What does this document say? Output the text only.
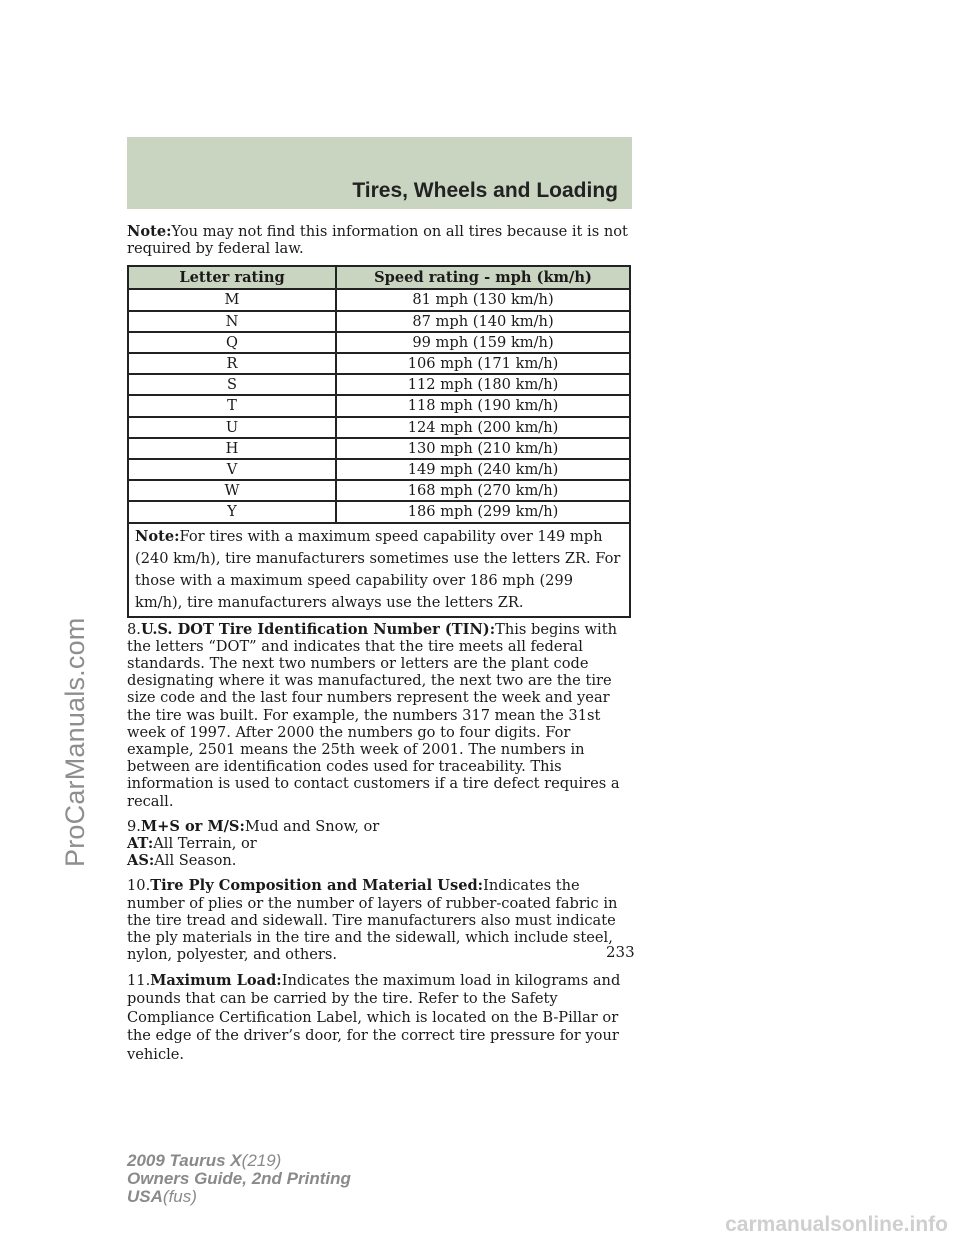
Tires, Wheels and Loading

Note:You may not find this information on all tires because it is not required by federal law.

Letter rating	Speed rating - mph (km/h)
M	81 mph (130 km/h)
N	87 mph (140 km/h)
Q	99 mph (159 km/h)
R	106 mph (171 km/h)
S	112 mph (180 km/h)
T	118 mph (190 km/h)
U	124 mph (200 km/h)
H	130 mph (210 km/h)
V	149 mph (240 km/h)
W	168 mph (270 km/h)
Y	186 mph (299 km/h)
Note:For tires with a maximum speed capability over 149 mph (240 km/h), tire manufacturers sometimes use the letters ZR. For those with a maximum speed capability over 186 mph (299 km/h), tire manufacturers always use the letters ZR.	

8.U.S. DOT Tire Identification Number (TIN):This begins with the letters “DOT” and indicates that the tire meets all federal standards. The next two numbers or letters are the plant code designating where it was manufactured, the next two are the tire size code and the last four numbers represent the week and year the tire was built. For example, the numbers 317 mean the 31st week of 1997. After 2000 the numbers go to four digits. For example, 2501 means the 25th week of 2001. The numbers in between are identification codes used for traceability. This information is used to contact customers if a tire defect requires a recall.

9.M+S or M/S:Mud and Snow, or
AT:All Terrain, or
AS:All Season.

10.Tire Ply Composition and Material Used:Indicates the number of plies or the number of layers of rubber-coated fabric in the tire tread and sidewall. Tire manufacturers also must indicate the ply materials in the tire and the sidewall, which include steel, nylon, polyester, and others.

11.Maximum Load:Indicates the maximum load in kilograms and pounds that can be carried by the tire. Refer to the Safety Compliance Certification Label, which is located on the B-Pillar or the edge of the driver’s door, for the correct tire pressure for your vehicle.

233
2009 Taurus X(219)
Owners Guide, 2nd Printing
USA(fus)
ProCarManuals.com
carmanualsonline.info
